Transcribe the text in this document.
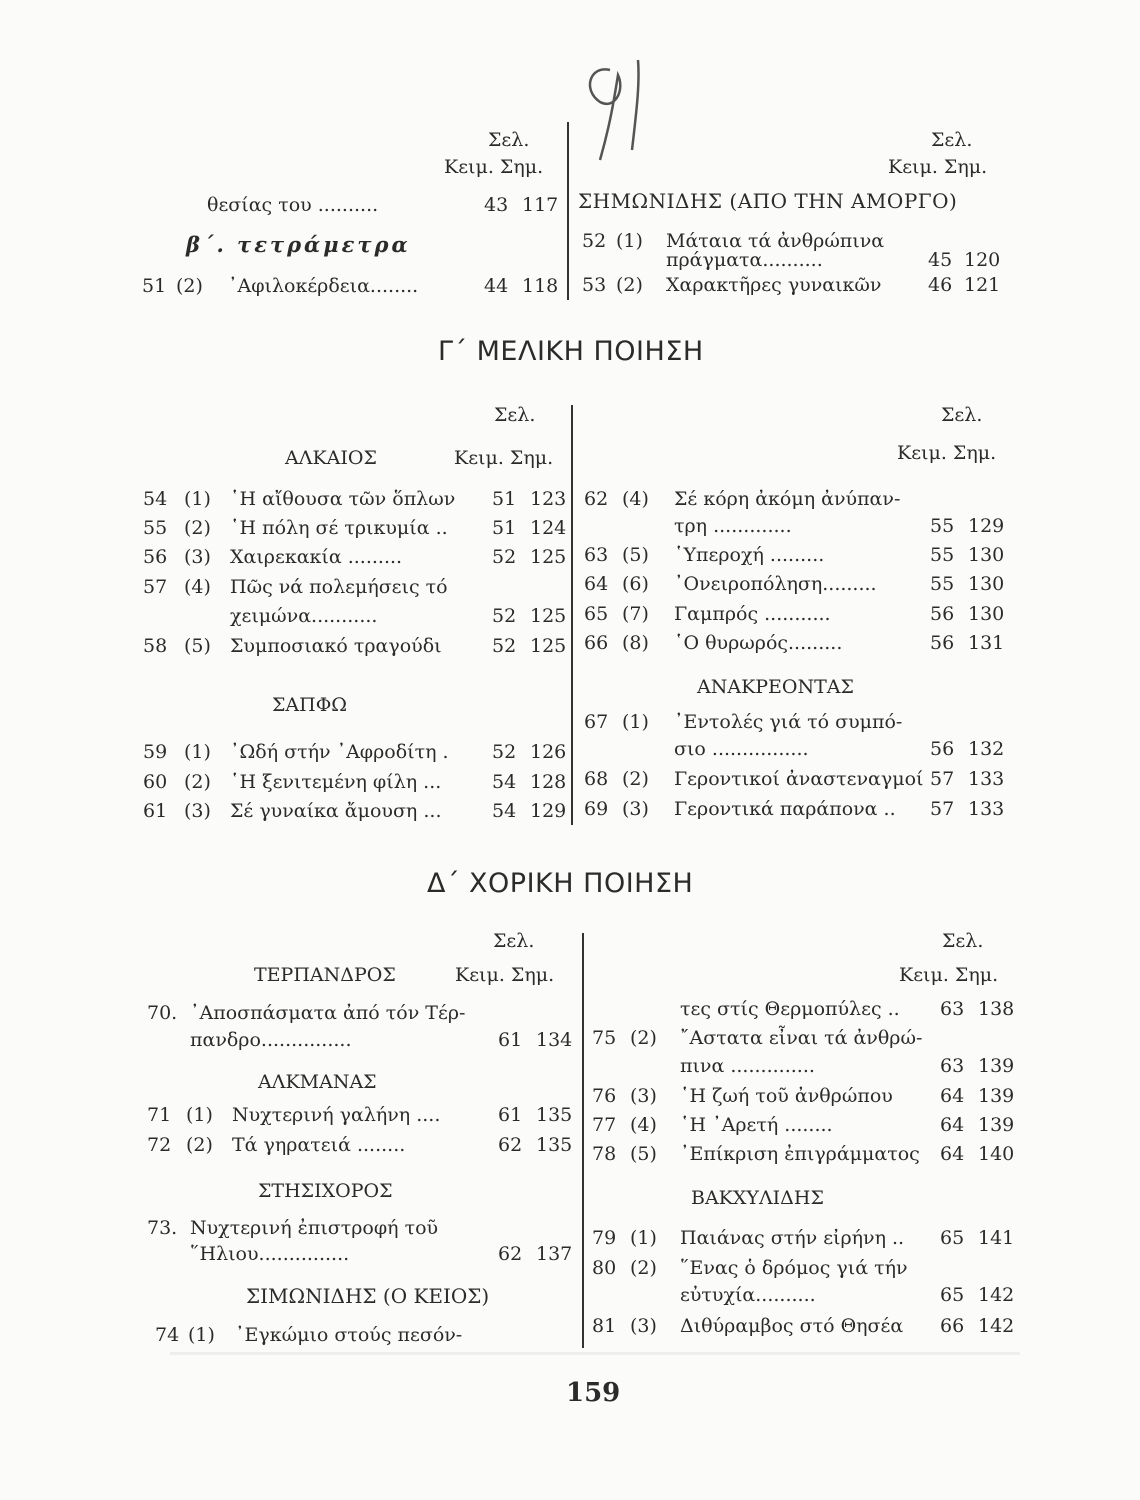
Σελ.
Κειμ. Σημ.
θεσίας του ..........	43 117
β΄. τετράμετρα
51 (2) ᾿Αφιλοκέρδεια........	44 118
Σελ.
Κειμ. Σημ.
ΣΗΜΩΝΙΔΗΣ (ΑΠΟ ΤΗΝ ΑΜΟΡΓΟ)
52 (1) Μάταια τά ἀνθρώπινα
πράγματα..........	45 120
53 (2) Χαρακτῆρες γυναικῶν 46 121
Γ΄ ΜΕΛΙΚΗ ΠΟΙΗΣΗ
Σελ.
ΑΛΚΑΙΟΣ	Κειμ. Σημ.
54 (1) ῾Η αἴθουσα τῶν ὅπλων 51 123
55 (2) ῾Η πόλη σέ τρικυμία .. 51 124
56 (3) Χαιρεκακία .........	52 125
57 (4) Πῶς νά πολεμήσεις τό
χειμώνα...........	52 125
58 (5) Συμποσιακό τραγούδι	52 125
ΣΑΠΦΩ
59 (1) ᾿Ωδή στήν ᾿Αφροδίτη . 52 126
60 (2) ῾Η ξενιτεμένη φίλη ...	54 128
61 (3) Σέ γυναίκα ἄμουση ...	54 129
Σελ.
Κειμ. Σημ.
62 (4) Σέ κόρη ἀκόμη ἀνύπαν-
τρη .............	55 129
63 (5) ῾Υπεροχή .........	55 130
64 (6) ᾿Ονειροπόληση.........	55 130
65 (7) Γαμπρός ...........	56 130
66 (8) ῾Ο θυρωρός.........	56 131
ΑΝΑΚΡΕΟΝΤΑΣ
67 (1) ᾿Εντολές γιά τό συμπό-
σιο ................	56 132
68 (2) Γεροντικοί ἀναστεναγμοί 57 133
69 (3) Γεροντικά παράπονα .. 57 133
Δ΄ ΧΟΡΙΚΗ ΠΟΙΗΣΗ
Σελ.
ΤΕΡΠΑΝΔΡΟΣ	Κειμ. Σημ.
70. ᾿Αποσπάσματα ἀπό τόν Τέρ-
πανδρο...............	61 134
ΑΛΚΜΑΝΑΣ
71 (1) Νυχτερινή γαλήνη ....	61 135
72 (2) Τά γηρατειά ........	62 135
ΣΤΗΣΙΧΟΡΟΣ
73. Νυχτερινή ἐπιστροφή τοῦ
῞Ηλιου...............	62 137
ΣΙΜΩΝΙΔΗΣ (Ο ΚΕΙΟΣ)
74 (1) ᾿Εγκώμιο στούς πεσόν-
Σελ.
Κειμ. Σημ.
τες στίς Θερμοπύλες .. 63 138
75 (2) ῎Αστατα εἶναι τά ἀνθρώ-
πινα ..............	63 139
76 (3) ῾Η ζωή τοῦ ἀνθρώπου 64 139
77 (4) ῾Η ᾿Αρετή ........	64 139
78 (5) ᾿Επίκριση ἐπιγράμματος 64 140
ΒΑΚΧΥΛΙΔΗΣ
79 (1) Παιάνας στήν εἰρήνη .. 65 141
80 (2) ῞Ενας ὁ δρόμος γιά τήν
εὐτυχία..........	65 142
81 (3) Διθύραμβος στό Θησέα 66 142
159
